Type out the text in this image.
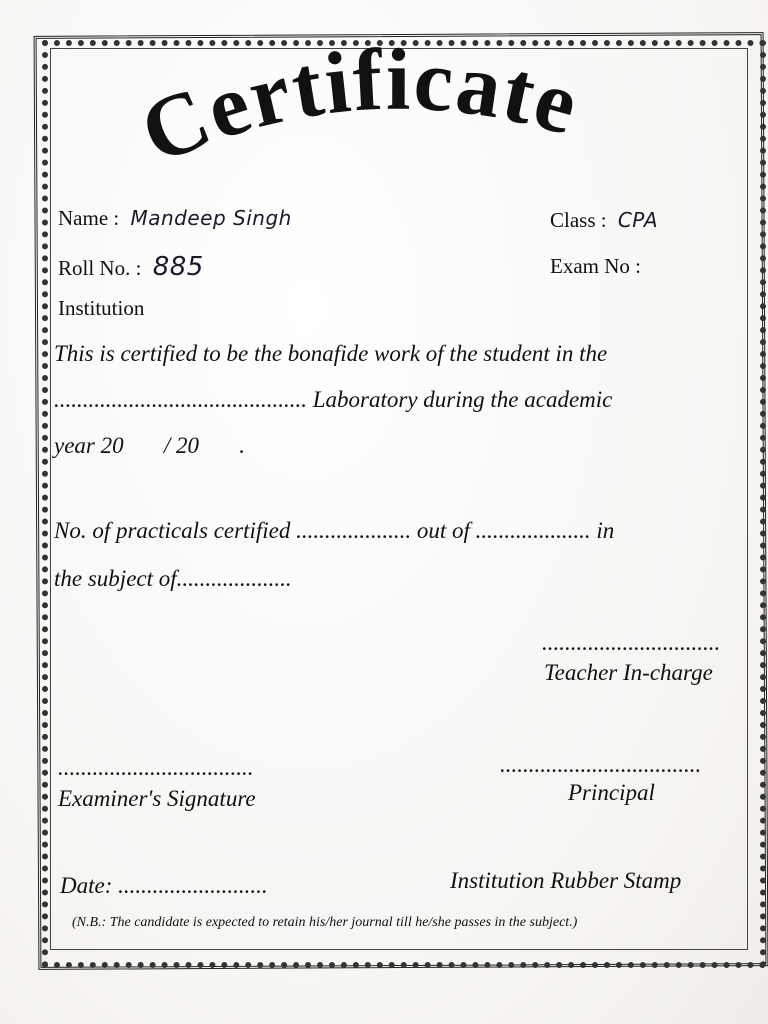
Certificate
Name : Mandeep Singh	Class : CPA
Roll No. : 885	Exam No :
Institution
This is certified to be the bonafide work of the student in the
............................................ Laboratory during the academic
year 20       / 20       .
No. of practicals certified .................... out of .................... in
the subject of....................
...............................
Teacher In-charge
..................................
Examiner's Signature
...................................
Principal
Date: ..........................	Institution Rubber Stamp
(N.B.: The candidate is expected to retain his/her journal till he/she passes in the subject.)
